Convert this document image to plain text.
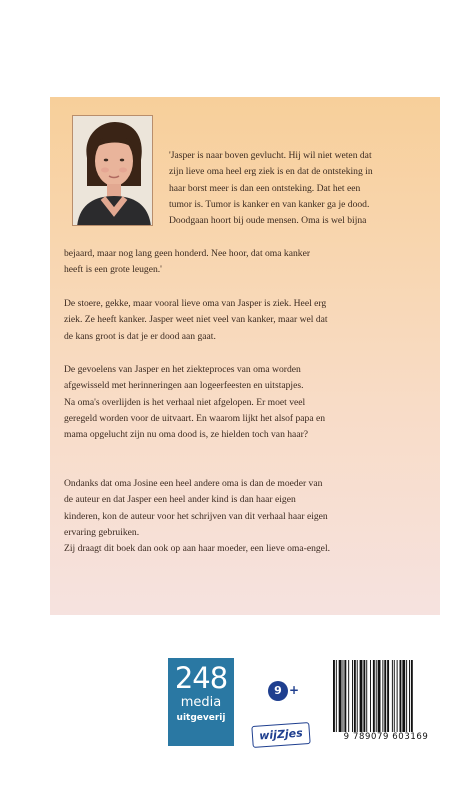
'Jasper is naar boven gevlucht. Hij wil niet weten dat
zijn lieve oma heel erg ziek is en dat de ontsteking in
haar borst meer is dan een ontsteking. Dat het een
tumor is. Tumor is kanker en van kanker ga je dood.
Doodgaan hoort bij oude mensen. Oma is wel bijna

bejaard, maar nog lang geen honderd. Nee hoor, dat oma kanker
heeft is een grote leugen.'

De stoere, gekke, maar vooral lieve oma van Jasper is ziek. Heel erg
ziek. Ze heeft kanker. Jasper weet niet veel van kanker, maar wel dat
de kans groot is dat je er dood aan gaat.

De gevoelens van Jasper en het ziekteproces van oma worden
afgewisseld met herinneringen aan logeerfeesten en uitstapjes.
Na oma's overlijden is het verhaal niet afgelopen. Er moet veel
geregeld worden voor de uitvaart. En waarom lijkt het alsof papa en
mama opgelucht zijn nu oma dood is, ze hielden toch van haar?

Ondanks dat oma Josine een heel andere oma is dan de moeder van
de auteur en dat Jasper een heel ander kind is dan haar eigen
kinderen, kon de auteur voor het schrijven van dit verhaal haar eigen
ervaring gebruiken.
Zij draagt dit boek dan ook op aan haar moeder, een lieve oma-engel.

248
media
uitgeverij
9 +
wijZjes	9 789079 603169
